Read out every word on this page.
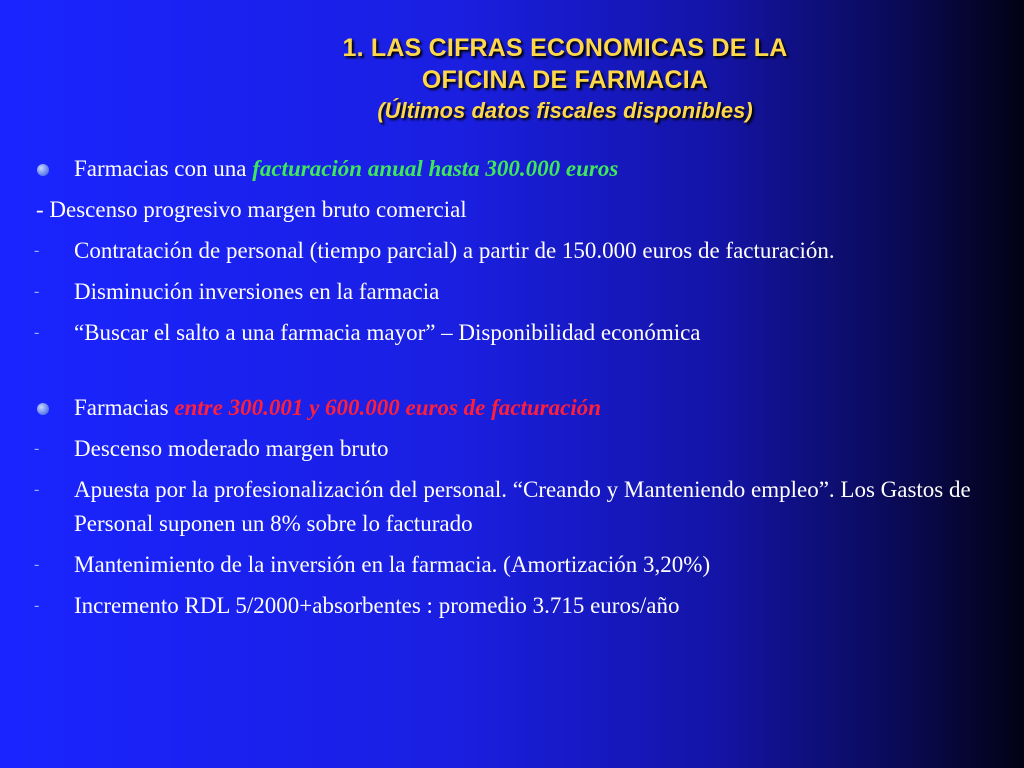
1. LAS CIFRAS ECONOMICAS DE LA
OFICINA DE FARMACIA
(Últimos datos fiscales disponibles)
Farmacias con una facturación anual hasta 300.000 euros
- Descenso progresivo margen bruto comercial
- Contratación de personal (tiempo parcial) a partir de 150.000 euros de facturación.
- Disminución inversiones en la farmacia
- “Buscar el salto a una farmacia mayor” – Disponibilidad económica
Farmacias entre 300.001 y 600.000 euros de facturación
- Descenso moderado margen bruto
- Apuesta por la profesionalización del personal. “Creando y Manteniendo empleo”. Los Gastos de Personal suponen un 8% sobre lo facturado
- Mantenimiento de la inversión en la farmacia. (Amortización 3,20%)
- Incremento RDL 5/2000+absorbentes : promedio 3.715 euros/año
